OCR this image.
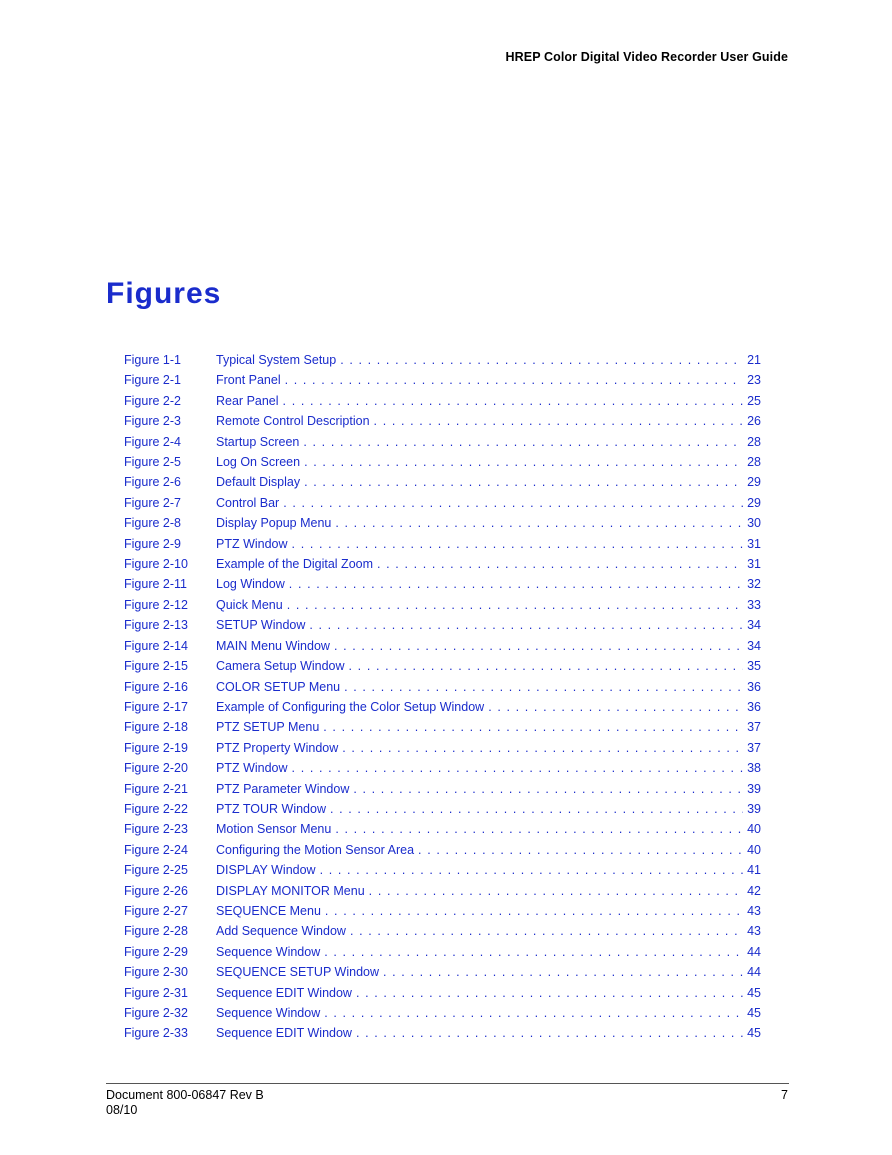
HREP Color Digital Video Recorder User Guide
Figures
Figure 1-1	Typical System Setup . . .	21
Figure 2-1	Front Panel . . .	23
Figure 2-2	Rear Panel . . .	25
Figure 2-3	Remote Control Description . . .	26
Figure 2-4	Startup Screen . . .	28
Figure 2-5	Log On Screen . . .	28
Figure 2-6	Default Display . . .	29
Figure 2-7	Control Bar . . .	29
Figure 2-8	Display Popup Menu . . .	30
Figure 2-9	PTZ Window . . .	31
Figure 2-10	Example of the Digital Zoom . . .	31
Figure 2-11	Log Window . . .	32
Figure 2-12	Quick Menu . . .	33
Figure 2-13	SETUP Window . . .	34
Figure 2-14	MAIN Menu Window . . .	34
Figure 2-15	Camera Setup Window . . .	35
Figure 2-16	COLOR SETUP Menu . . .	36
Figure 2-17	Example of Configuring the Color Setup Window . . .	36
Figure 2-18	PTZ SETUP Menu . . .	37
Figure 2-19	PTZ Property Window . . .	37
Figure 2-20	PTZ Window . . .	38
Figure 2-21	PTZ Parameter Window . . .	39
Figure 2-22	PTZ TOUR Window . . .	39
Figure 2-23	Motion Sensor Menu . . .	40
Figure 2-24	Configuring the Motion Sensor Area . . .	40
Figure 2-25	DISPLAY Window . . .	41
Figure 2-26	DISPLAY MONITOR Menu . . .	42
Figure 2-27	SEQUENCE Menu . . .	43
Figure 2-28	Add Sequence Window . . .	43
Figure 2-29	Sequence Window . . .	44
Figure 2-30	SEQUENCE SETUP Window . . .	44
Figure 2-31	Sequence EDIT Window . . .	45
Figure 2-32	Sequence Window . . .	45
Figure 2-33	Sequence EDIT Window . . .	45
Document 800-06847 Rev B
08/10
7
